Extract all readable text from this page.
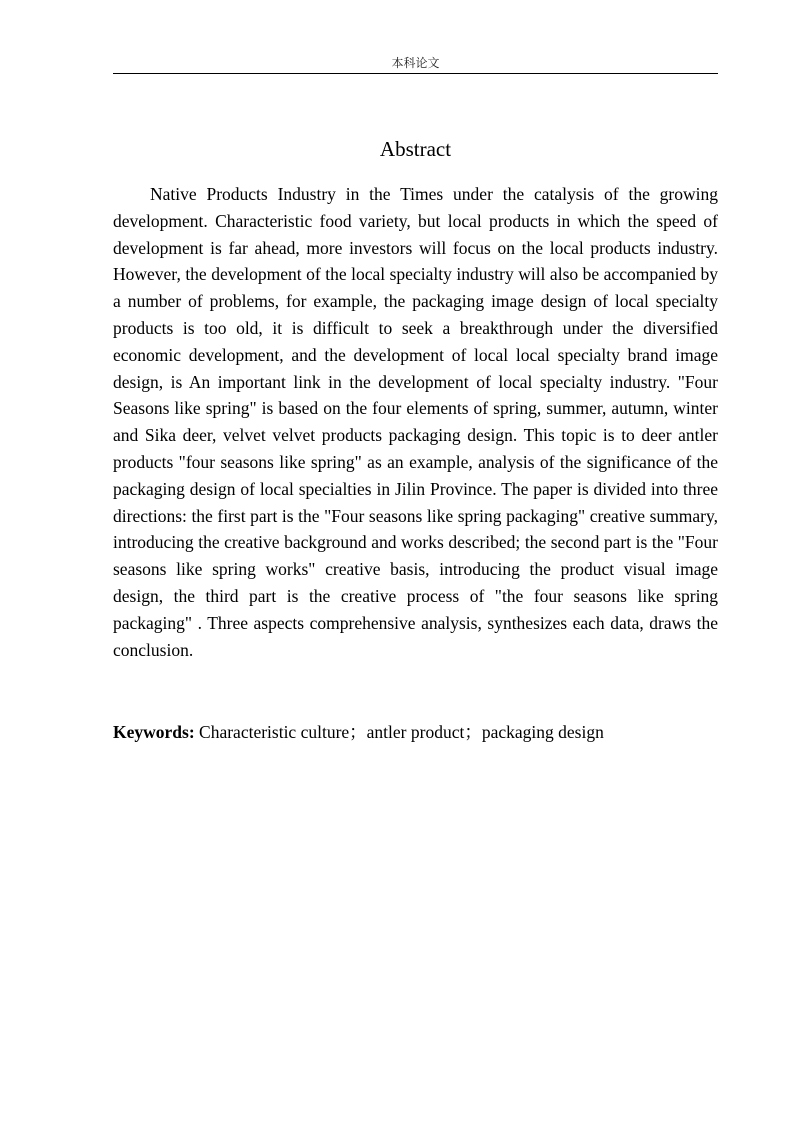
本科论文
Abstract

Native Products Industry in the Times under the catalysis of the growing development. Characteristic food variety, but local products in which the speed of development is far ahead, more investors will focus on the local products industry. However, the development of the local specialty industry will also be accompanied by a number of problems, for example, the packaging image design of local specialty products is too old, it is difficult to seek a breakthrough under the diversified economic development, and the development of local local specialty brand image design, is An important link in the development of local specialty industry. "Four Seasons like spring" is based on the four elements of spring, summer, autumn, winter and Sika deer, velvet velvet products packaging design. This topic is to deer antler products "four seasons like spring" as an example, analysis of the significance of the packaging design of local specialties in Jilin Province. The paper is divided into three directions: the first part is the "Four seasons like spring packaging" creative summary, introducing the creative background and works described; the second part is the "Four seasons like spring works" creative basis, introducing the product visual image design, the third part is the creative process of "the four seasons like spring packaging" . Three aspects comprehensive analysis, synthesizes each data, draws the conclusion.

Keywords: Characteristic culture；antler product；packaging design
